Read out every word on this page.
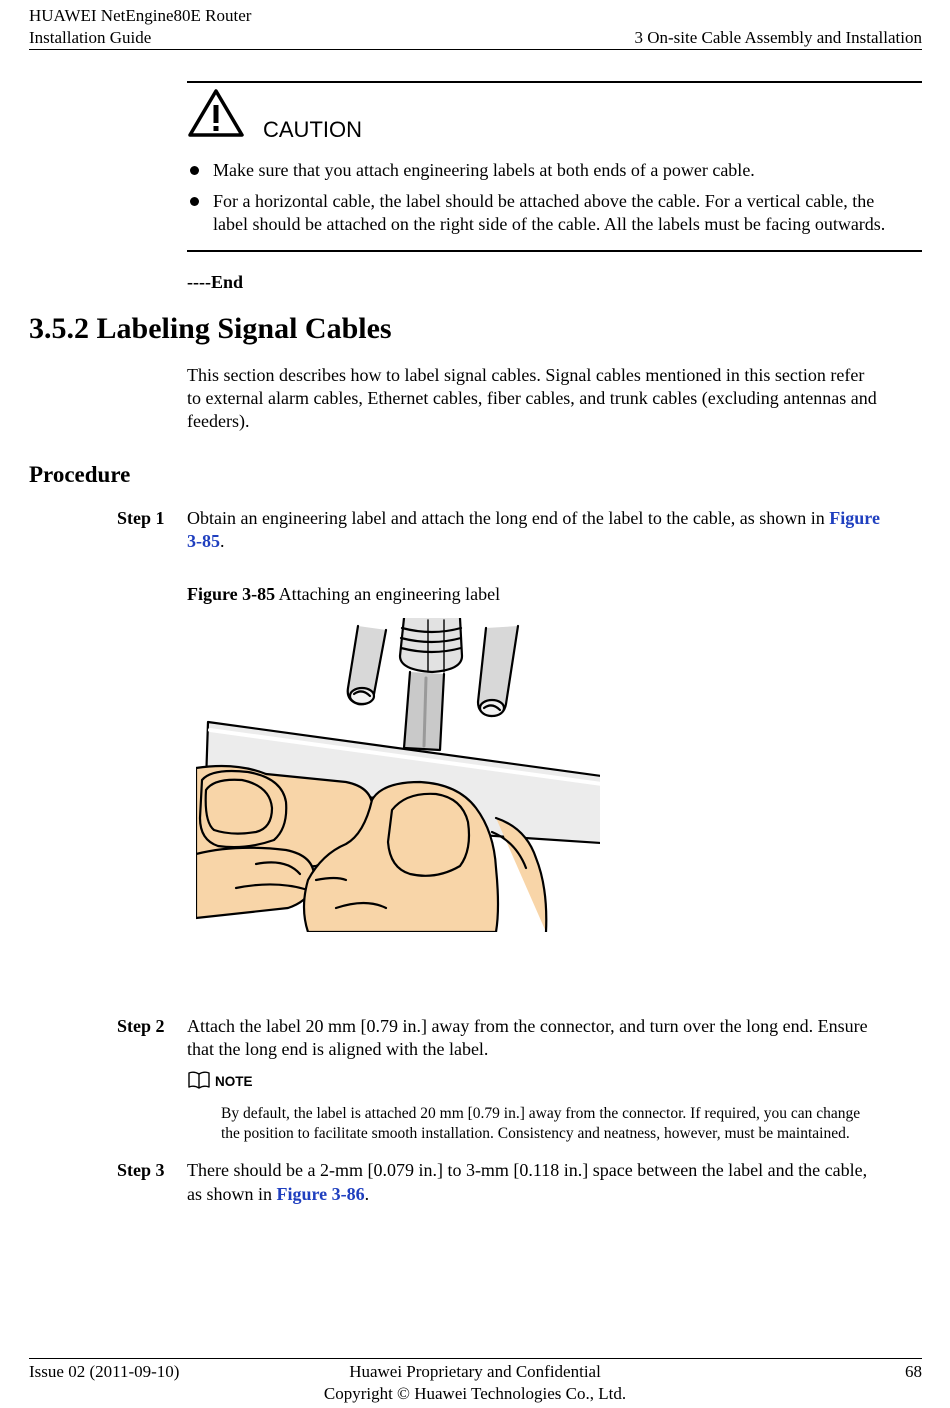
HUAWEI NetEngine80E Router
Installation Guide	3 On-site Cable Assembly and Installation
CAUTION
Make sure that you attach engineering labels at both ends of a power cable.
For a horizontal cable, the label should be attached above the cable. For a vertical cable, the
label should be attached on the right side of the cable. All the labels must be facing outwards.
----End
3.5.2 Labeling Signal Cables
This section describes how to label signal cables. Signal cables mentioned in this section refer
to external alarm cables, Ethernet cables, fiber cables, and trunk cables (excluding antennas and
feeders).
Procedure
Step 1 Obtain an engineering label and attach the long end of the label to the cable, as shown in Figure
3-85.
Figure 3-85 Attaching an engineering label
Step 2 Attach the label 20 mm [0.79 in.] away from the connector, and turn over the long end. Ensure
that the long end is aligned with the label.
NOTE
By default, the label is attached 20 mm [0.79 in.] away from the connector. If required, you can change
the position to facilitate smooth installation. Consistency and neatness, however, must be maintained.
Step 3 There should be a 2-mm [0.079 in.] to 3-mm [0.118 in.] space between the label and the cable,
as shown in Figure 3-86.
Issue 02 (2011-09-10)	Huawei Proprietary and Confidential
Copyright © Huawei Technologies Co., Ltd.
68
